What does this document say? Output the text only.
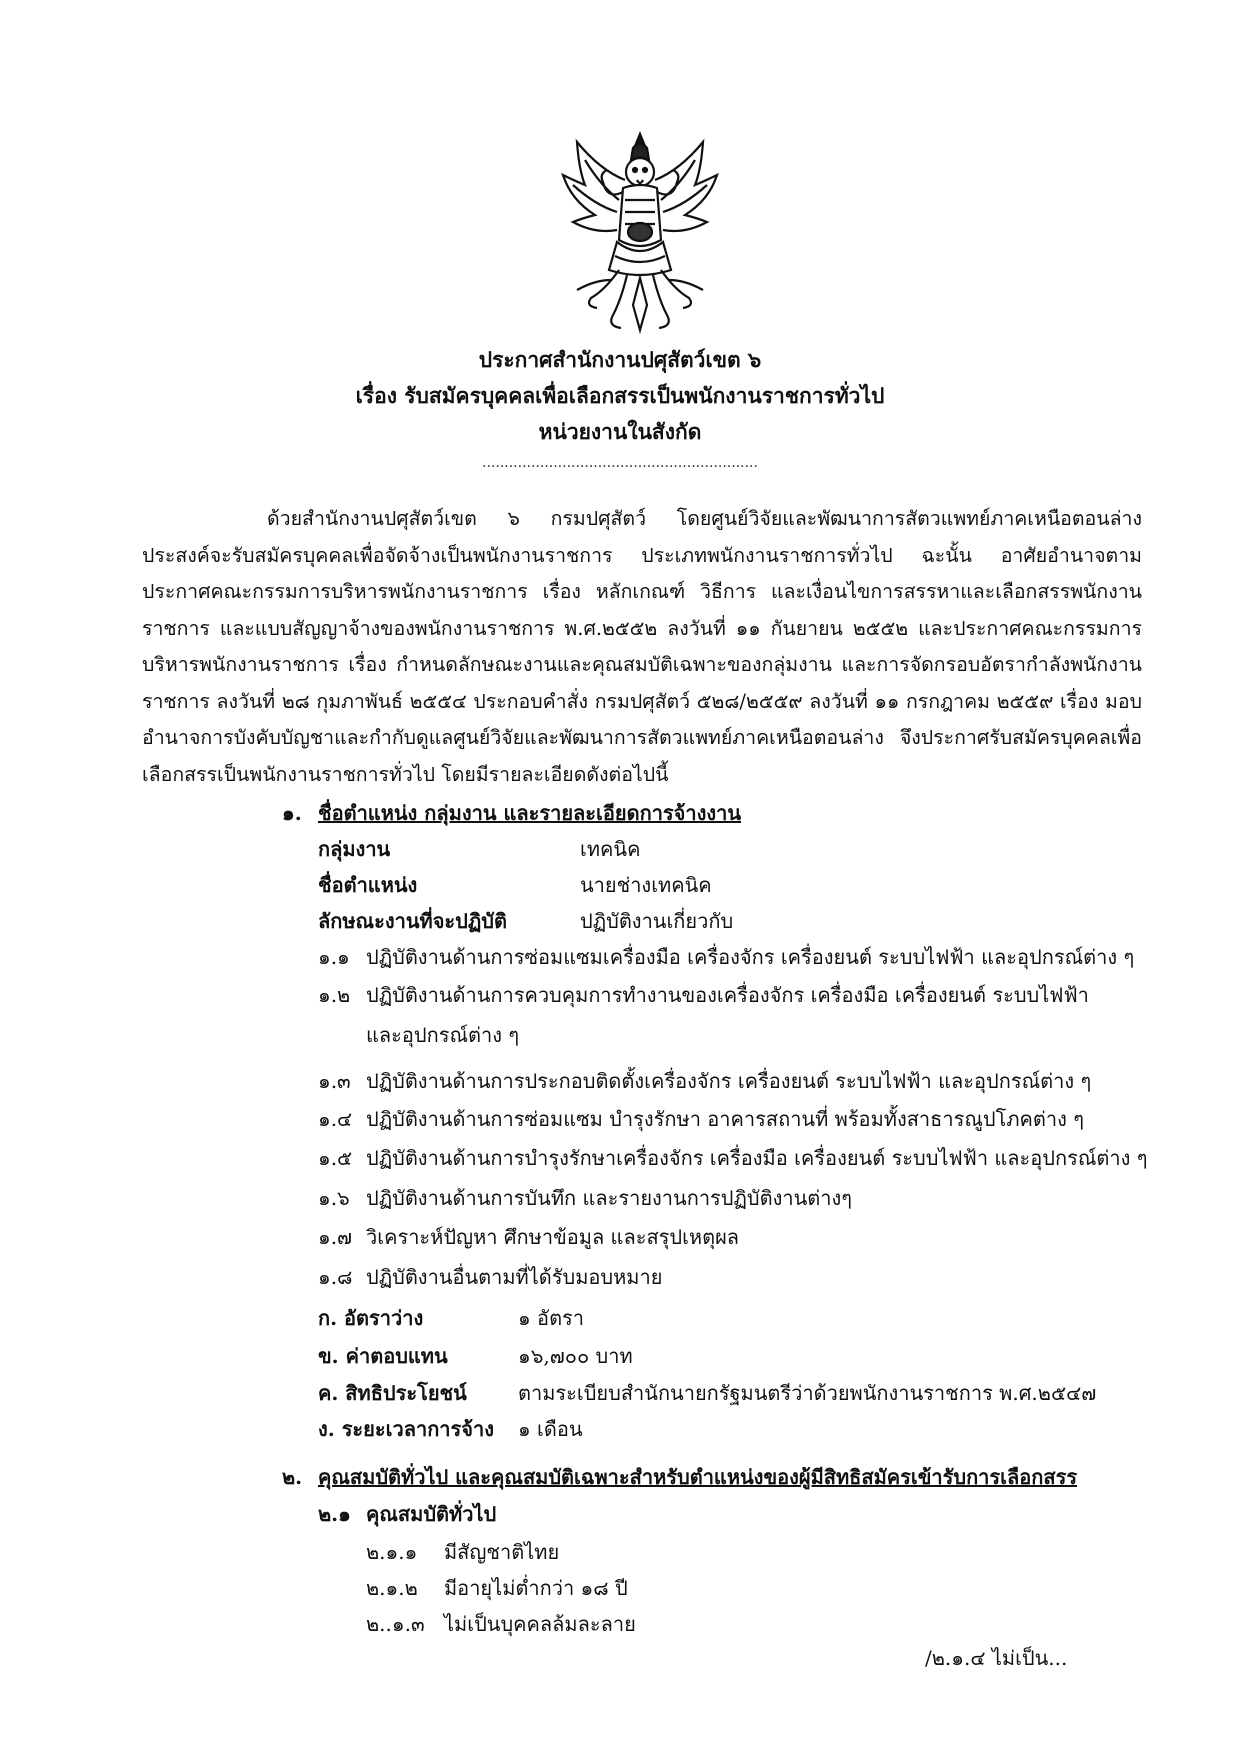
ประกาศสำนักงานปศุสัตว์เขต ๖
เรื่อง รับสมัครบุคคลเพื่อเลือกสรรเป็นพนักงานราชการทั่วไป
หน่วยงานในสังกัด
..............................................................
ด้วยสำนักงานปศุสัตว์เขต ๖ กรมปศุสัตว์ โดยศูนย์วิจัยและพัฒนาการสัตวแพทย์ภาคเหนือตอนล่าง ประสงค์จะรับสมัครบุคคลเพื่อจัดจ้างเป็นพนักงานราชการ ประเภทพนักงานราชการทั่วไป ฉะนั้น อาศัยอำนาจตามประกาศคณะกรรมการบริหารพนักงานราชการ เรื่อง หลักเกณฑ์ วิธีการ และเงื่อนไขการสรรหาและเลือกสรรพนักงานราชการ และแบบสัญญาจ้างของพนักงานราชการ พ.ศ.๒๕๕๒ ลงวันที่ ๑๑ กันยายน ๒๕๕๒ และประกาศคณะกรรมการบริหารพนักงานราชการ เรื่อง กำหนดลักษณะงานและคุณสมบัติเฉพาะของกลุ่มงาน และการจัดกรอบอัตรากำลังพนักงานราชการ ลงวันที่ ๒๘ กุมภาพันธ์ ๒๕๕๔ ประกอบคำสั่ง กรมปศุสัตว์ ๕๒๘/๒๕๕๙ ลงวันที่ ๑๑ กรกฎาคม ๒๕๕๙ เรื่อง มอบอำนาจการบังคับบัญชาและกำกับดูแลศูนย์วิจัยและพัฒนาการสัตวแพทย์ภาคเหนือตอนล่าง จึงประกาศรับสมัครบุคคลเพื่อเลือกสรรเป็นพนักงานราชการทั่วไป โดยมีรายละเอียดดังต่อไปนี้
๑. ชื่อตำแหน่ง กลุ่มงาน และรายละเอียดการจ้างงาน
กลุ่มงาน	เทคนิค
ชื่อตำแหน่ง	นายช่างเทคนิค
ลักษณะงานที่จะปฏิบัติ	ปฏิบัติงานเกี่ยวกับ
๑.๑ ปฏิบัติงานด้านการซ่อมแซมเครื่องมือ เครื่องจักร เครื่องยนต์ ระบบไฟฟ้า และอุปกรณ์ต่าง ๆ
๑.๒ ปฏิบัติงานด้านการควบคุมการทำงานของเครื่องจักร เครื่องมือ เครื่องยนต์ ระบบไฟฟ้า
และอุปกรณ์ต่าง ๆ
๑.๓ ปฏิบัติงานด้านการประกอบติดตั้งเครื่องจักร เครื่องยนต์ ระบบไฟฟ้า และอุปกรณ์ต่าง ๆ
๑.๔ ปฏิบัติงานด้านการซ่อมแซม บำรุงรักษา อาคารสถานที่ พร้อมทั้งสาธารณูปโภคต่าง ๆ
๑.๕ ปฏิบัติงานด้านการบำรุงรักษาเครื่องจักร เครื่องมือ เครื่องยนต์ ระบบไฟฟ้า และอุปกรณ์ต่าง ๆ
๑.๖ ปฏิบัติงานด้านการบันทึก และรายงานการปฏิบัติงานต่างๆ
๑.๗ วิเคราะห์ปัญหา ศึกษาข้อมูล และสรุปเหตุผล
๑.๘ ปฏิบัติงานอื่นตามที่ได้รับมอบหมาย
ก. อัตราว่าง	๑ อัตรา
ข. ค่าตอบแทน	๑๖,๗๐๐ บาท
ค. สิทธิประโยชน์	ตามระเบียบสำนักนายกรัฐมนตรีว่าด้วยพนักงานราชการ พ.ศ.๒๕๔๗
ง. ระยะเวลาการจ้าง ๑ เดือน
๒. คุณสมบัติทั่วไป และคุณสมบัติเฉพาะสำหรับตำแหน่งของผู้มีสิทธิสมัครเข้ารับการเลือกสรร
๒.๑ คุณสมบัติทั่วไป
๒.๑.๑ มีสัญชาติไทย
๒.๑.๒ มีอายุไม่ต่ำกว่า ๑๘ ปี
๒..๑.๓ ไม่เป็นบุคคลล้มละลาย
/๒.๑.๔ ไม่เป็น...
